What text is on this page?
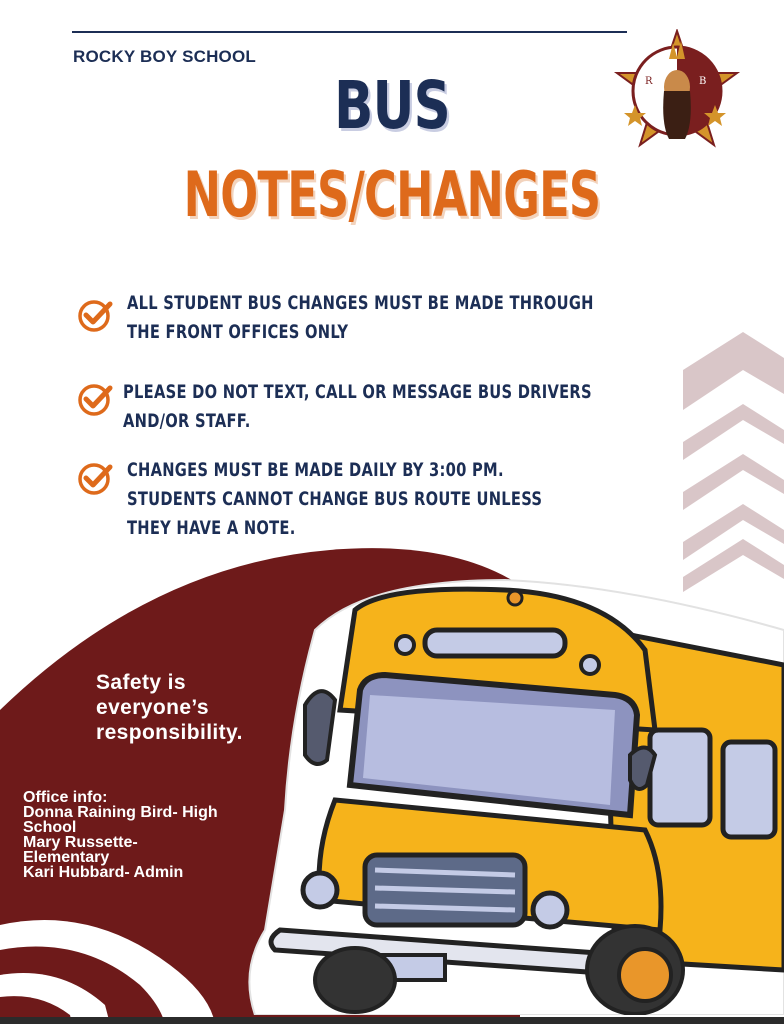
ROCKY BOY SCHOOL
R	B
BUS
NOTES/CHANGES
ALL STUDENT BUS CHANGES MUST BE MADE THROUGH
THE FRONT OFFICES ONLY
PLEASE DO NOT TEXT, CALL OR MESSAGE BUS DRIVERS
AND/OR STAFF.
CHANGES MUST BE MADE DAILY BY 3:00 PM.
STUDENTS CANNOT CHANGE BUS ROUTE UNLESS
THEY HAVE A NOTE.
Safety is
everyone’s
responsibility.
Office info:
Donna Raining Bird- High
School
Mary Russette-
Elementary
Kari Hubbard- Admin
